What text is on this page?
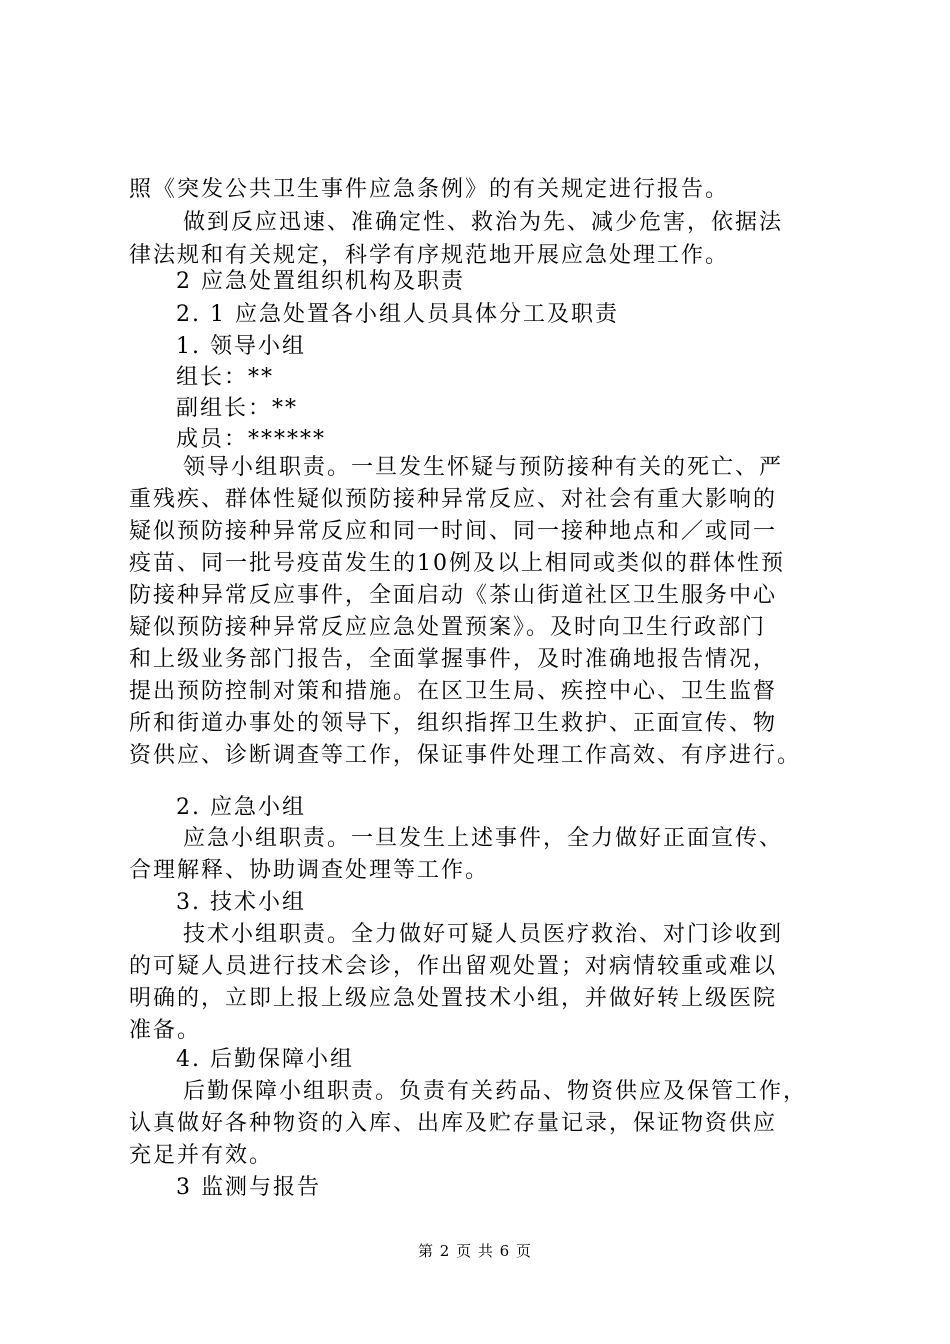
照《突发公共卫生事件应急条例》的有关规定进行报告。
做到反应迅速、准确定性、救治为先、减少危害，依据法
律法规和有关规定，科学有序规范地开展应急处理工作。
2 应急处置组织机构及职责
2. 1 应急处置各小组人员具体分工及职责
1. 领导小组
组长：**
副组长：**
成员：******
领导小组职责。一旦发生怀疑与预防接种有关的死亡、严
重残疾、群体性疑似预防接种异常反应、对社会有重大影响的
疑似预防接种异常反应和同一时间、同一接种地点和／或同一
疫苗、同一批号疫苗发生的10例及以上相同或类似的群体性预
防接种异常反应事件，全面启动《茶山街道社区卫生服务中心
疑似预防接种异常反应应急处置预案》。及时向卫生行政部门
和上级业务部门报告，全面掌握事件，及时准确地报告情况，
提出预防控制对策和措施。在区卫生局、疾控中心、卫生监督
所和街道办事处的领导下，组织指挥卫生救护、正面宣传、物
资供应、诊断调查等工作，保证事件处理工作高效、有序进行。
2. 应急小组
应急小组职责。一旦发生上述事件，全力做好正面宣传、
合理解释、协助调查处理等工作。
3. 技术小组
技术小组职责。全力做好可疑人员医疗救治、对门诊收到
的可疑人员进行技术会诊，作出留观处置；对病情较重或难以
明确的，立即上报上级应急处置技术小组，并做好转上级医院
准备。
4. 后勤保障小组
后勤保障小组职责。负责有关药品、物资供应及保管工作，
认真做好各种物资的入库、出库及贮存量记录，保证物资供应
充足并有效。
3 监测与报告
第 2 页 共 6 页
